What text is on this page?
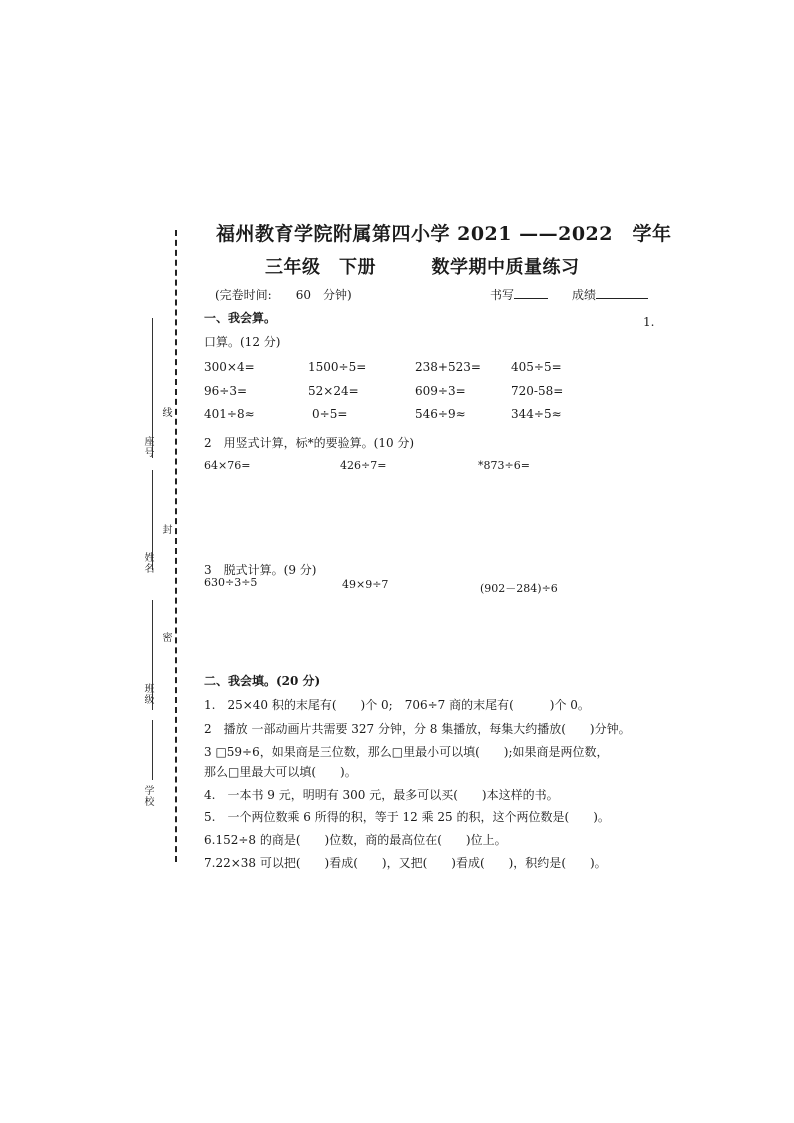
座号
线
姓名
封
密
班级
学校
福州教育学院附属第四小学 2021 ——2022　学年
三年级　下册　　　数学期中质量练习
(完卷时间:　　60　分钟)	书写	成绩
1.
一、我会算。
口算。(12 分)
300×4=	1500÷5=	238+523=	405÷5=
96÷3=	52×24=	609÷3=	720-58=
401÷8≈	0÷5=	546÷9≈	344÷5≈
2　用竖式计算，标*的要验算。(10 分)
64×76=	426÷7=	*873÷6=
3　脱式计算。(9 分)
630÷3÷5	49×9÷7	(902－284)÷6
二、我会填。(20 分)
1.　25×40 积的末尾有(　　)个 0;　706÷7 商的末尾有(　　　)个 0。
2　播放 一部动画片共需要 327 分钟，分 8 集播放，每集大约播放(　　)分钟。
3 □59÷6，如果商是三位数，那么□里最小可以填(　　);如果商是两位数，
那么□里最大可以填(　　)。
4.　一本书 9 元，明明有 300 元，最多可以买(　　)本这样的书。
5.　一个两位数乘 6 所得的积，等于 12 乘 25 的积，这个两位数是(　　)。
6.152÷8 的商是(　　)位数，商的最高位在(　　)位上。
7.22×38 可以把(　　)看成(　　)，又把(　　)看成(　　)，积约是(　　)。
